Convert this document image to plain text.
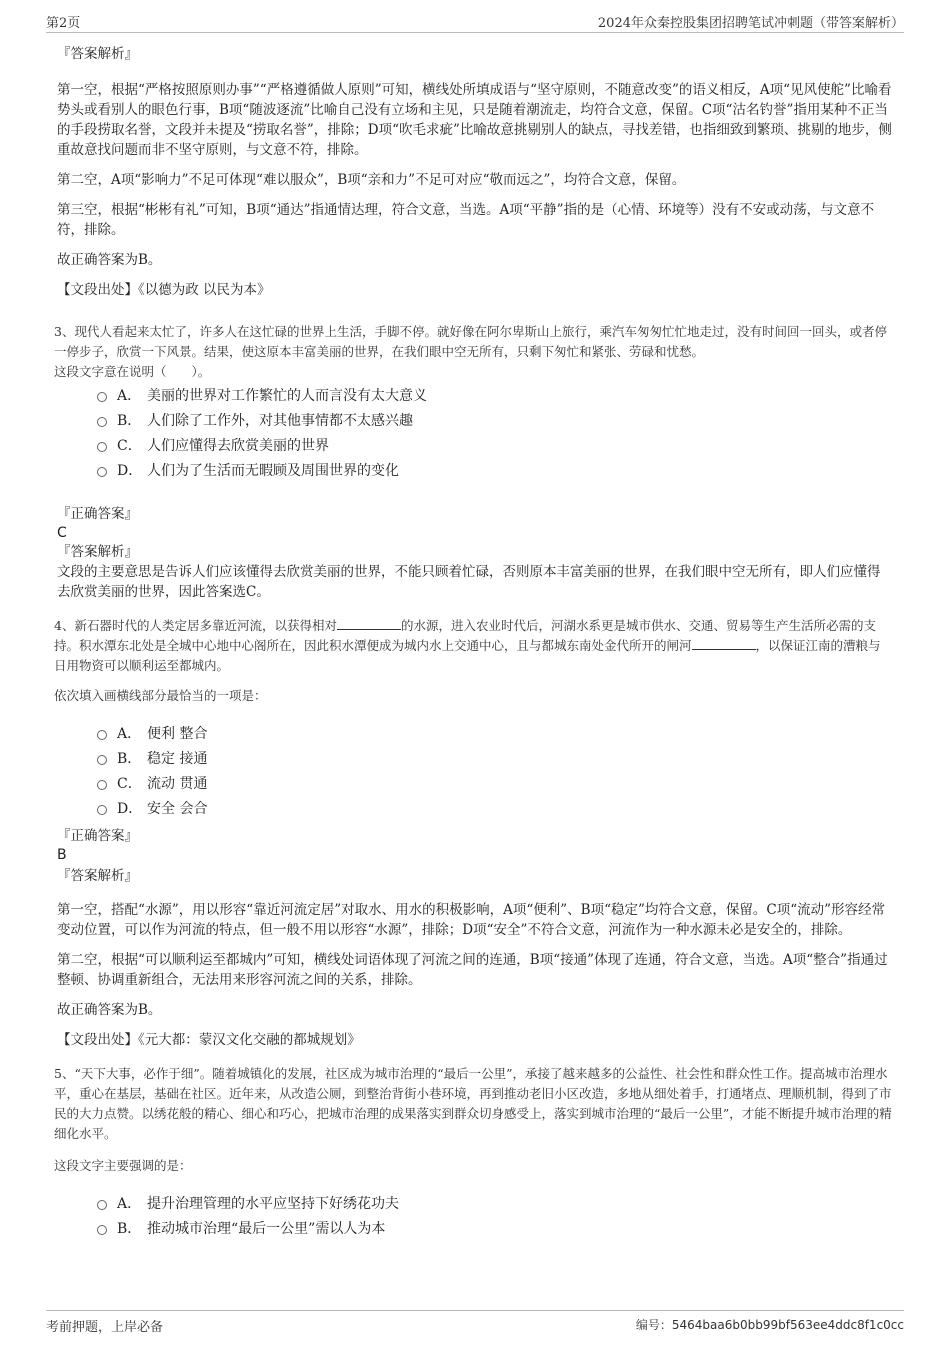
第2页	2024年众秦控股集团招聘笔试冲刺题（带答案解析）

『答案解析』

第一空，根据“严格按照原则办事”“严格遵循做人原则”可知，横线处所填成语与“坚守原则，不随意改变”的语义相反，A项“见风使舵”比喻看势头或看别人的眼色行事，B项“随波逐流”比喻自己没有立场和主见，只是随着潮流走，均符合文意，保留。C项“沽名钓誉”指用某种不正当的手段捞取名誉，文段并未提及“捞取名誉”，排除；D项“吹毛求疵”比喻故意挑剔别人的缺点，寻找差错，也指细致到繁琐、挑剔的地步，侧重故意找问题而非不坚守原则，与文意不符，排除。

第二空，A项“影响力”不足可体现“难以服众”，B项“亲和力”不足可对应“敬而远之”，均符合文意，保留。

第三空，根据“彬彬有礼”可知，B项“通达”指通情达理，符合文意，当选。A项“平静”指的是（心情、环境等）没有不安或动荡，与文意不符，排除。

故正确答案为B。

【文段出处】《以德为政 以民为本》

3、现代人看起来太忙了，许多人在这忙碌的世界上生活，手脚不停。就好像在阿尔卑斯山上旅行，乘汽车匆匆忙忙地走过，没有时间回一回头，或者停一停步子，欣赏一下风景。结果，使这原本丰富美丽的世界，在我们眼中空无所有，只剩下匆忙和紧张、劳碌和忧愁。

这段文字意在说明（　　）。

A． 美丽的世界对工作繁忙的人而言没有太大意义
B． 人们除了工作外，对其他事情都不太感兴趣
C． 人们应懂得去欣赏美丽的世界
D． 人们为了生活而无暇顾及周围世界的变化

『正确答案』

C

『答案解析』

文段的主要意思是告诉人们应该懂得去欣赏美丽的世界，不能只顾着忙碌，否则原本丰富美丽的世界，在我们眼中空无所有，即人们应懂得去欣赏美丽的世界，因此答案选C。

4、新石器时代的人类定居多靠近河流，以获得相对	的水源，进入农业时代后，河湖水系更是城市供水、交通、贸易等生产生活所必需的支持。积水潭东北处是全城中心地中心阁所在，因此积水潭便成为城内水上交通中心，且与都城东南处金代所开的闸河	，以保证江南的漕粮与日用物资可以顺利运至都城内。

依次填入画横线部分最恰当的一项是：

A． 便利 整合
B． 稳定 接通
C． 流动 贯通
D． 安全 会合

『正确答案』

B

『答案解析』

第一空，搭配“水源”，用以形容“靠近河流定居”对取水、用水的积极影响，A项“便利”、B项“稳定”均符合文意，保留。C项“流动”形容经常变动位置，可以作为河流的特点，但一般不用以形容“水源”，排除；D项“安全”不符合文意，河流作为一种水源未必是安全的，排除。

第二空，根据“可以顺利运至都城内”可知，横线处词语体现了河流之间的连通，B项“接通”体现了连通，符合文意，当选。A项“整合”指通过整顿、协调重新组合，无法用来形容河流之间的关系，排除。

故正确答案为B。

【文段出处】《元大都：蒙汉文化交融的都城规划》

5、“天下大事，必作于细”。随着城镇化的发展，社区成为城市治理的“最后一公里”，承接了越来越多的公益性、社会性和群众性工作。提高城市治理水平，重心在基层，基础在社区。近年来，从改造公厕，到整治背街小巷环境，再到推动老旧小区改造，多地从细处着手，打通堵点、理顺机制，得到了市民的大力点赞。以绣花般的精心、细心和巧心，把城市治理的成果落实到群众切身感受上，落实到城市治理的“最后一公里”，才能不断提升城市治理的精细化水平。

这段文字主要强调的是：

A． 提升治理管理的水平应坚持下好绣花功夫
B． 推动城市治理“最后一公里”需以人为本
考前押题，上岸必备	编号：5464baa6b0bb99bf563ee4ddc8f1c0cc
